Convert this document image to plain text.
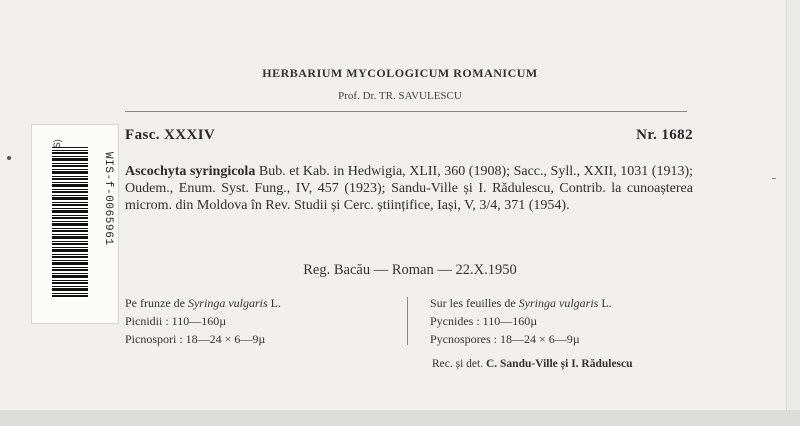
HERBARIUM MYCOLOGICUM ROMANICUM
Prof. Dr. TR. SAVULESCU
Fasc. XXXIV	Nr. 1682
Ascochyta syringicola Bub. et Kab. in Hedwigia, XLII, 360 (1908); Sacc., Syll., XXII, 1031 (1913); Oudem., Enum. Syst. Fung., IV, 457 (1923); Sandu-Ville și I. Rădulescu, Contrib. la cunoașterea microm. din Moldova în Rev. Studii și Cerc. științifice, Iași, V, 3/4, 371 (1954).
Reg. Bacău — Roman — 22.X.1950
Pe frunze de Syringa vulgaris L.
Picnidii : 110—160µ
Picnospori : 18—24 × 6—9µ
Sur les feuilles de Syringa vulgaris L.
Pycnides : 110—160µ
Pycnospores : 18—24 × 6—9µ
Rec. și det. C. Sandu-Ville și I. Rădulescu
WIS-f-0065961
